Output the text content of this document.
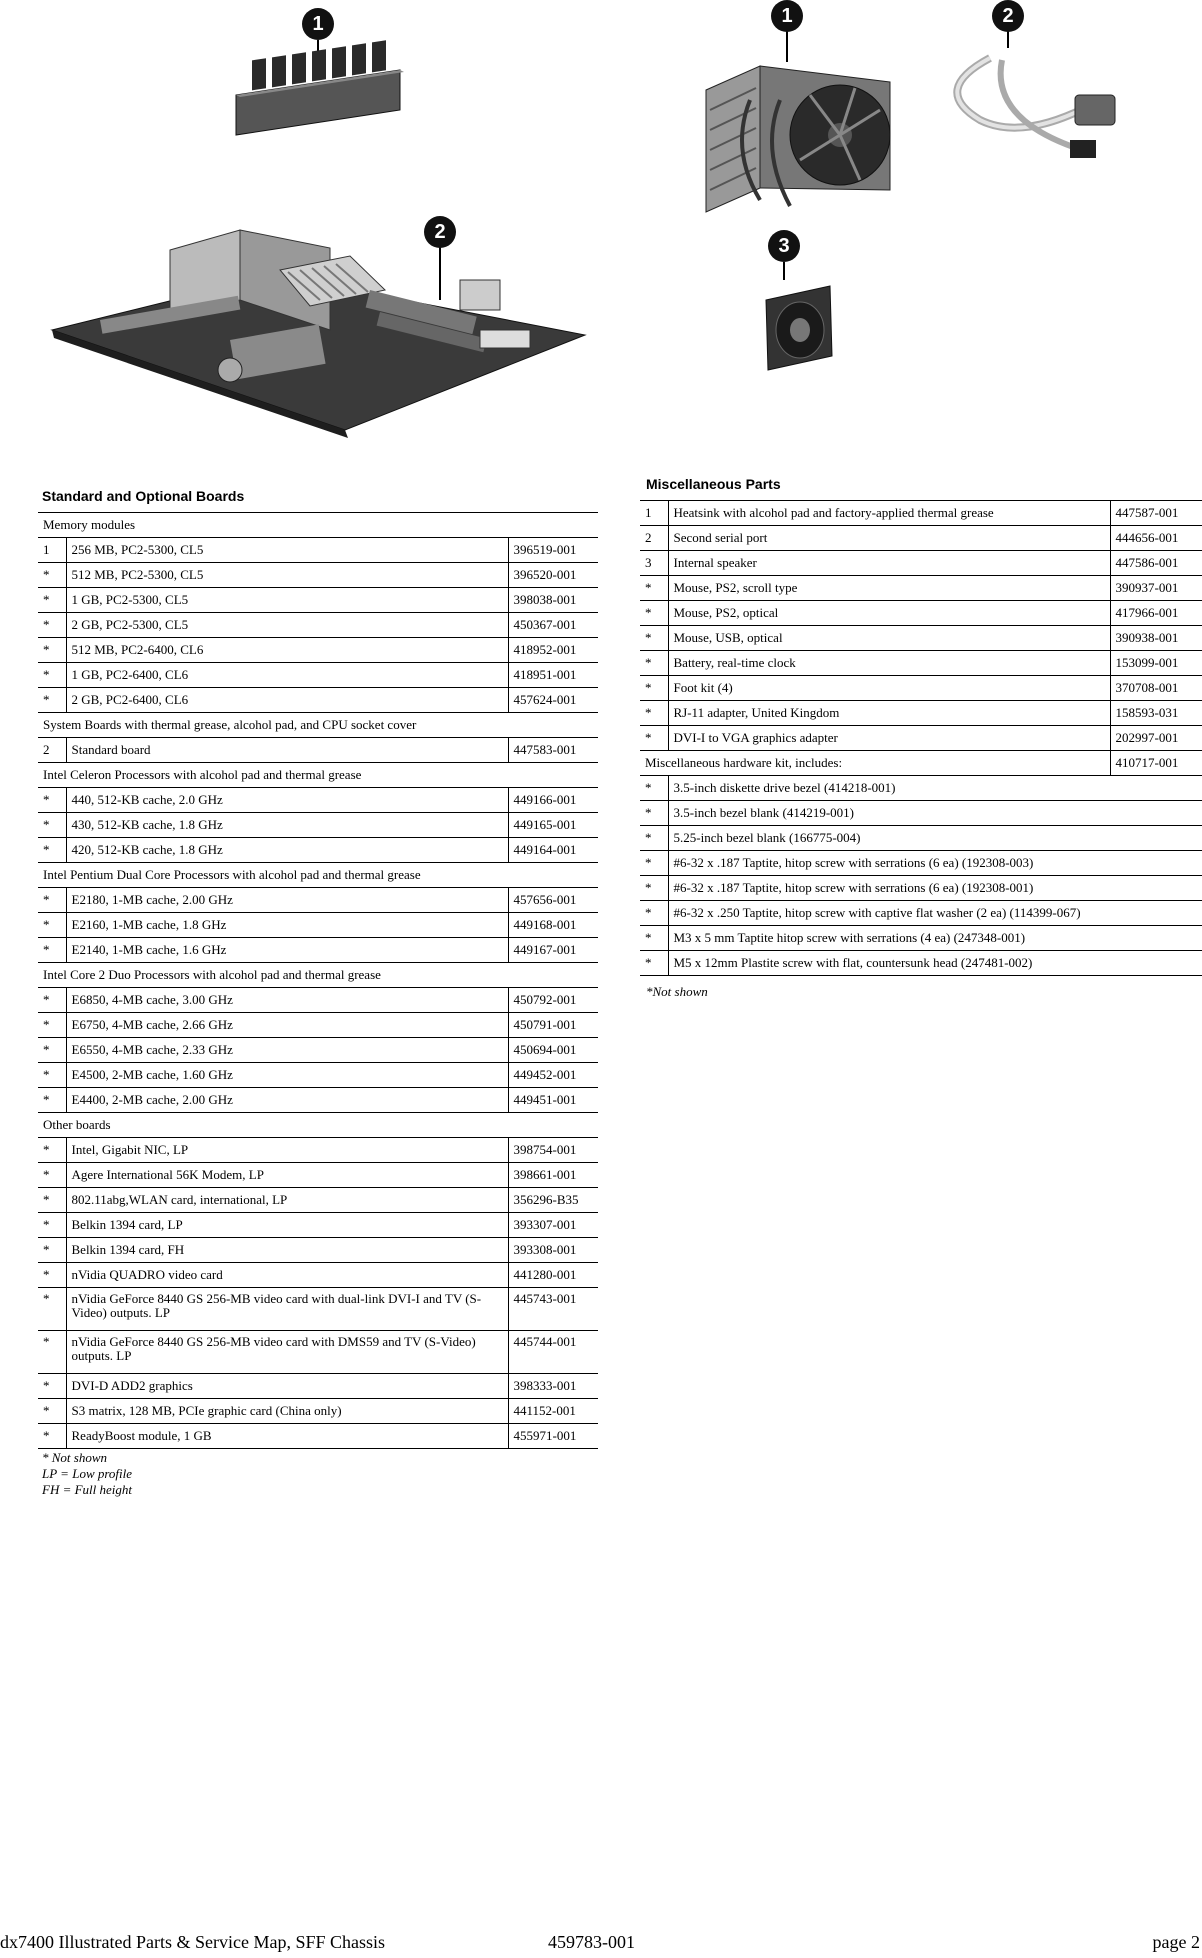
1
2
1	2
3
Standard and Optional Boards
Memory modules		
1	256 MB, PC2-5300, CL5	396519-001
*	512 MB, PC2-5300, CL5	396520-001
*	1 GB, PC2-5300, CL5	398038-001
*	2 GB, PC2-5300, CL5	450367-001
*	512 MB, PC2-6400, CL6	418952-001
*	1 GB, PC2-6400, CL6	418951-001
*	2 GB, PC2-6400, CL6	457624-001
System Boards with thermal grease, alcohol pad, and CPU socket cover		
2	Standard board	447583-001
Intel Celeron Processors with alcohol pad and thermal grease		
*	440, 512-KB cache, 2.0 GHz	449166-001
*	430, 512-KB cache, 1.8 GHz	449165-001
*	420, 512-KB cache, 1.8 GHz	449164-001
Intel Pentium Dual Core Processors with alcohol pad and thermal grease		
*	E2180, 1-MB cache, 2.00 GHz	457656-001
*	E2160, 1-MB cache, 1.8 GHz	449168-001
*	E2140, 1-MB cache, 1.6 GHz	449167-001
Intel Core 2 Duo Processors with alcohol pad and thermal grease		
*	E6850, 4-MB cache, 3.00 GHz	450792-001
*	E6750, 4-MB cache, 2.66 GHz	450791-001
*	E6550, 4-MB cache, 2.33 GHz	450694-001
*	E4500, 2-MB cache, 1.60 GHz	449452-001
*	E4400, 2-MB cache, 2.00 GHz	449451-001
Other boards		
*	Intel, Gigabit NIC, LP	398754-001
*	Agere International 56K Modem, LP	398661-001
*	802.11abg,WLAN card, international, LP	356296-B35
*	Belkin 1394 card, LP	393307-001
*	Belkin 1394 card, FH	393308-001
*	nVidia QUADRO video card	441280-001
*	nVidia GeForce 8440 GS 256-MB video card with dual-link DVI-I and TV (S-Video) outputs. LP	445743-001
*	nVidia GeForce 8440 GS 256-MB video card with DMS59 and TV (S-Video) outputs. LP	445744-001
*	DVI-D ADD2 graphics	398333-001
*	S3 matrix, 128 MB, PCIe graphic card (China only)	441152-001
*	ReadyBoost module, 1 GB	455971-001
* Not shown
LP = Low profile
FH = Full height
Miscellaneous Parts
1	Heatsink with alcohol pad and factory-applied thermal grease	447587-001
2	Second serial port	444656-001
3	Internal speaker	447586-001
*	Mouse, PS2, scroll type	390937-001
*	Mouse, PS2, optical	417966-001
*	Mouse, USB, optical	390938-001
*	Battery, real-time clock	153099-001
*	Foot kit (4)	370708-001
*	RJ-11 adapter, United Kingdom	158593-031
*	DVI-I to VGA graphics adapter	202997-001
Miscellaneous hardware kit, includes:		410717-001
*	3.5-inch diskette drive bezel (414218-001)	
*	3.5-inch bezel blank (414219-001)	
*	5.25-inch bezel blank (166775-004)	
*	#6-32 x .187 Taptite, hitop screw with serrations (6 ea) (192308-003)	
*	#6-32 x .187 Taptite, hitop screw with serrations (6 ea) (192308-001)	
*	#6-32 x .250 Taptite, hitop screw with captive flat washer (2 ea) (114399-067)	
*	M3 x 5 mm Taptite hitop screw with serrations (4 ea) (247348-001)	
*	M5 x 12mm Plastite screw with flat, countersunk head (247481-002)	
*Not shown
dx7400 Illustrated Parts & Service Map, SFF Chassis	459783-001	page 2
